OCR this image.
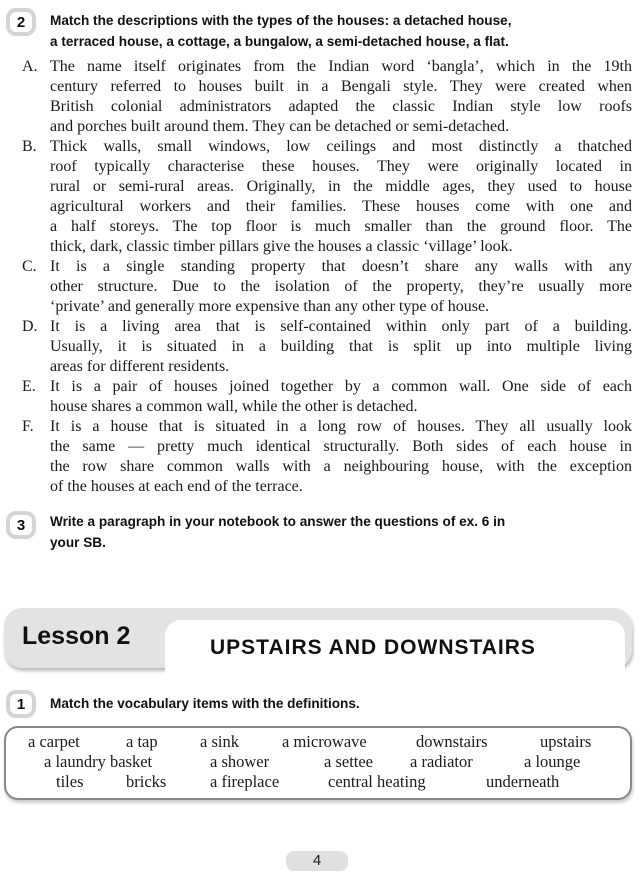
2	Match the descriptions with the types of the houses: a detached house,
a terraced house, a cottage, a bungalow, a semi-detached house, a flat.
A. The name itself originates from the Indian word ‘bangla’, which in the 19th
century referred to houses built in a Bengali style. They were created when
British colonial administrators adapted the classic Indian style low roofs
and porches built around them. They can be detached or semi-detached.
B. Thick walls, small windows, low ceilings and most distinctly a thatched
roof typically characterise these houses. They were originally located in
rural or semi-rural areas. Originally, in the middle ages, they used to house
agricultural workers and their families. These houses come with one and
a half storeys. The top floor is much smaller than the ground floor. The
thick, dark, classic timber pillars give the houses a classic ‘village’ look.
C. It is a single standing property that doesn’t share any walls with any
other structure. Due to the isolation of the property, they’re usually more
‘private’ and generally more expensive than any other type of house.
D. It is a living area that is self-contained within only part of a building.
Usually, it is situated in a building that is split up into multiple living
areas for different residents.
E. It is a pair of houses joined together by a common wall. One side of each
house shares a common wall, while the other is detached.
F.	It is a house that is situated in a long row of houses. They all usually look
the same — pretty much identical structurally. Both sides of each house in
the row share common walls with a neighbouring house, with the exception
of the houses at each end of the terrace.
3	Write a paragraph in your notebook to answer the questions of ex. 6 in
your SB.
Lesson 2	UPSTAIRS AND DOWNSTAIRS
1	Match the vocabulary items with the definitions.
a carpet	a tap	a sink	a microwave	downstairs	upstairs
a laundry basket	a shower	a settee a radiator	a lounge
tiles	bricks	a fireplace	central heating	underneath
4
